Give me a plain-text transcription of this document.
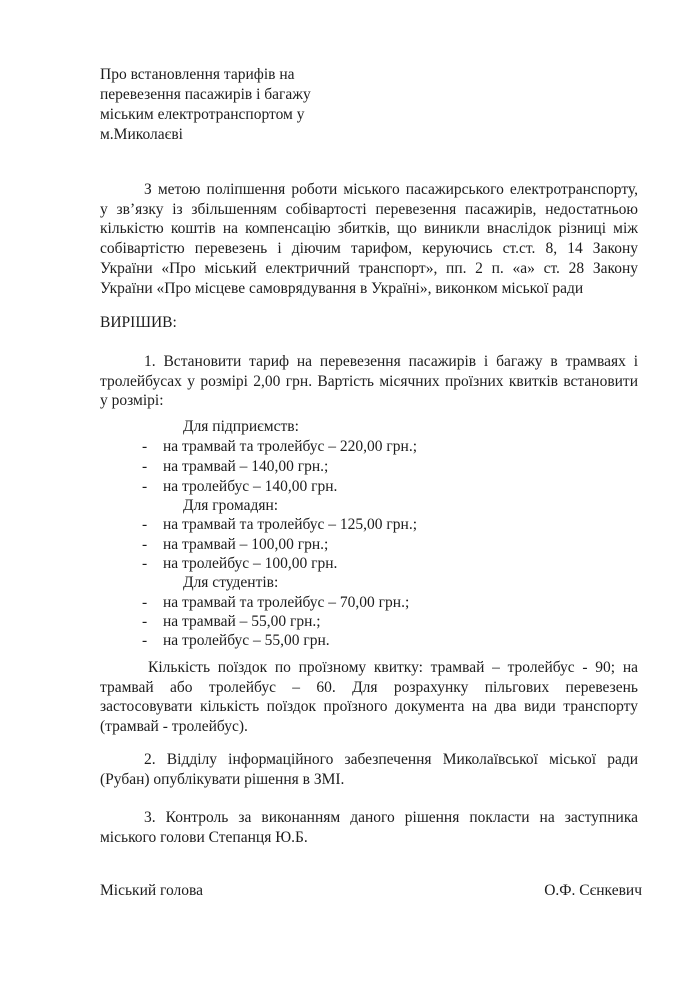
Про встановлення тарифів на
перевезення пасажирів і багажу
міським електротранспортом у
м.Миколаєві
З метою поліпшення роботи міського пасажирського електротранспорту,
у зв’язку із збільшенням собівартості перевезення пасажирів, недостатньою
кількістю коштів на компенсацію збитків, що виникли внаслідок різниці між
собівартістю перевезень і діючим тарифом, керуючись ст.ст. 8, 14 Закону
України «Про міський електричний транспорт», пп. 2 п. «а» ст. 28 Закону
України «Про місцеве самоврядування в Україні», виконком міської ради
ВИРІШИВ:
1. Встановити тариф на перевезення пасажирів і багажу в трамваях і
тролейбусах у розмірі 2,00 грн. Вартість місячних проїзних квитків встановити
у розмірі:
Для підприємств:
- на трамвай та тролейбус – 220,00 грн.;
- на трамвай – 140,00 грн.;
- на тролейбус – 140,00 грн.
Для громадян:
- на трамвай та тролейбус – 125,00 грн.;
- на трамвай – 100,00 грн.;
- на тролейбус – 100,00 грн.
Для студентів:
- на трамвай та тролейбус – 70,00 грн.;
- на трамвай – 55,00 грн.;
- на тролейбус – 55,00 грн.
Кількість поїздок по проїзному квитку: трамвай – тролейбус - 90; на
трамвай або тролейбус – 60. Для розрахунку пільгових перевезень
застосовувати кількість поїздок проїзного документа на два види транспорту
(трамвай - тролейбус).
2. Відділу інформаційного забезпечення Миколаївської міської ради
(Рубан) опублікувати рішення в ЗМІ.
3. Контроль за виконанням даного рішення покласти на заступника
міського голови Степанця Ю.Б.
Міський голова	О.Ф. Сєнкевич
